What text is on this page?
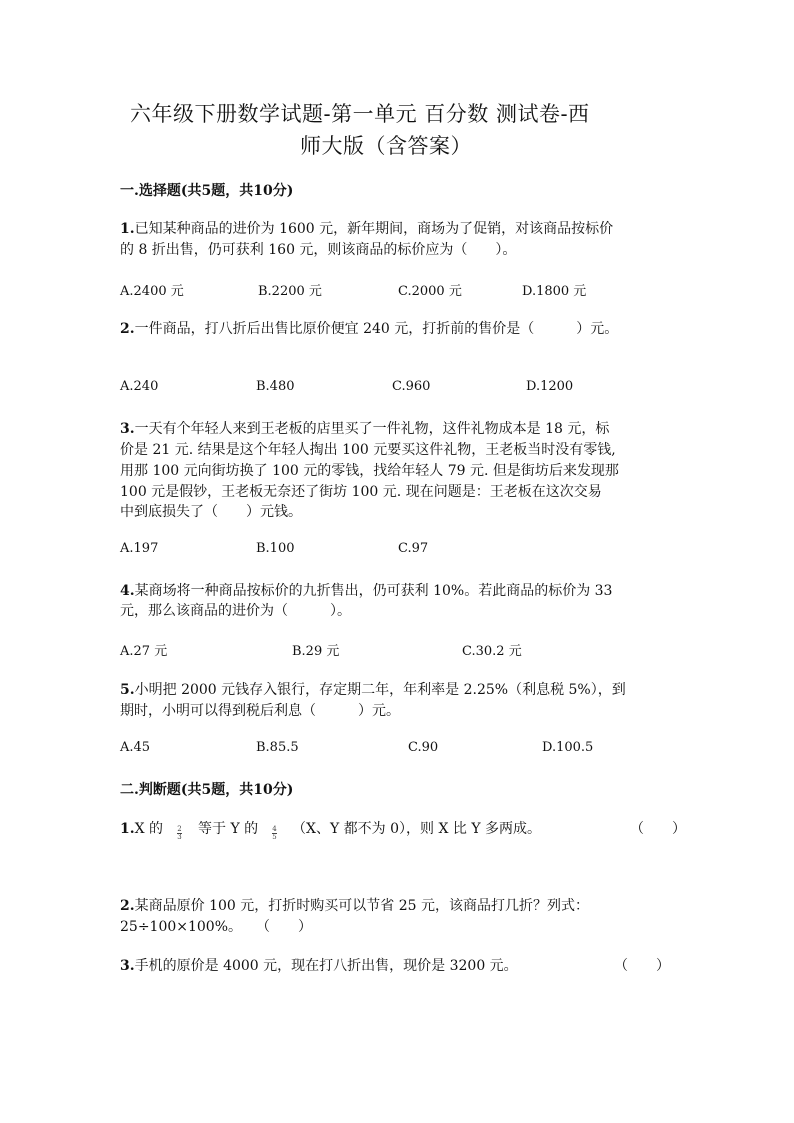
六年级下册数学试题-第一单元 百分数 测试卷-西
师大版（含答案）
一.选择题(共5题，共10分)
1.已知某种商品的进价为 1600 元，新年期间，商场为了促销，对该商品按标价
的 8 折出售，仍可获利 160 元，则该商品的标价应为（　　）。
A.2400 元	B.2200 元	C.2000 元	D.1800 元
2.一件商品，打八折后出售比原价便宜 240 元，打折前的售价是（　　　）元。
A.240	B.480	C.960	D.1200
3.一天有个年轻人来到王老板的店里买了一件礼物，这件礼物成本是 18 元，标
价是 21 元. 结果是这个年轻人掏出 100 元要买这件礼物，王老板当时没有零钱,
用那 100 元向街坊换了 100 元的零钱，找给年轻人 79 元. 但是街坊后来发现那
100 元是假钞，王老板无奈还了街坊 100 元. 现在问题是：王老板在这次交易
中到底损失了（　　）元钱。
A.197	B.100	C.97
4.某商场将一种商品按标价的九折售出，仍可获利 10%。若此商品的标价为 33
元，那么该商品的进价为（　　　）。
A.27 元	B.29 元	C.30.2 元
5.小明把 2000 元钱存入银行，存定期二年，年利率是 2.25%（利息税 5%），到
期时，小明可以得到税后利息（　　　）元。
A.45	B.85.5	C.90	D.100.5
二.判断题(共5题，共10分)
1.X 的 2
3 等于 Y 的 4
5 （X、Y 都不为 0），则 X 比 Y 多两成。	（　　）
2.某商品原价 100 元，打折时购买可以节省 25 元，该商品打几折？列式：
25÷100×100%。　　（　　）
3.手机的原价是 4000 元，现在打八折出售，现价是 3200 元。	（　　）
